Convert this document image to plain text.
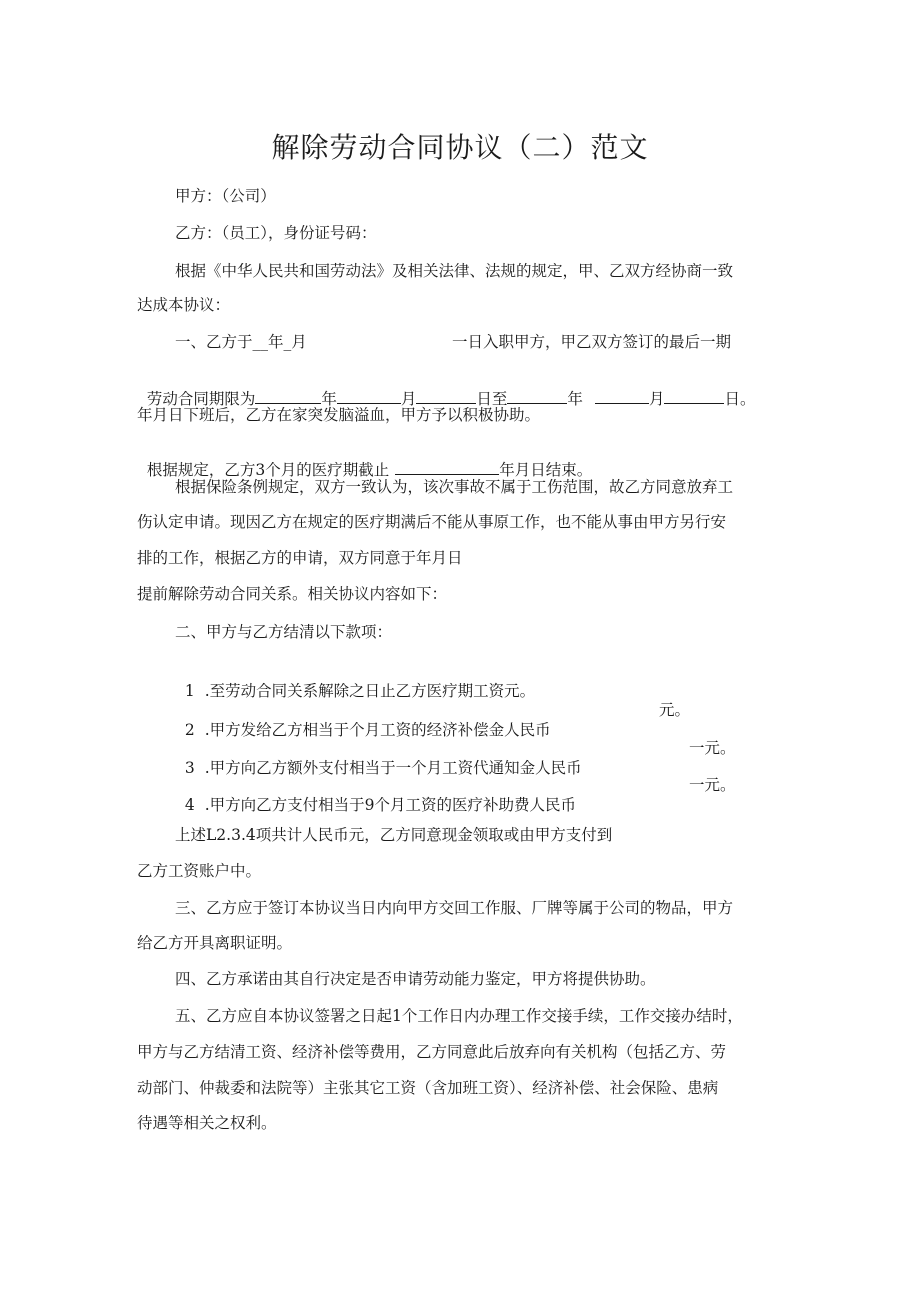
解除劳动合同协议（二）范文
甲方：（公司）
乙方：（员工），身份证号码：
根据《中华人民共和国劳动法》及相关法律、法规的规定，甲、乙双方经协商一致
达成本协议：
一、乙方于__年_月	一日入职甲方，甲乙双方签订的最后一期

劳动合同期限为	年	月	日至	年	月	日。

年月日下班后，乙方在家突发脑溢血，甲方予以积极协助。

根据规定，乙方3个月的医疗期截止	年月日结束。

根据保险条例规定，双方一致认为，该次事故不属于工伤范围，故乙方同意放弃工
伤认定申请。现因乙方在规定的医疗期满后不能从事原工作，也不能从事由甲方另行安
排的工作，根据乙方的申请，双方同意于年月日
提前解除劳动合同关系。相关协议内容如下：
二、甲方与乙方结清以下款项：

1 .至劳动合同关系解除之日止乙方医疗期工资元。

2 .甲方发给乙方相当于个月工资的经济补偿金人民币

元。

3 .甲方向乙方额外支付相当于一个月工资代通知金人民币

一元。

4 .甲方向乙方支付相当于9个月工资的医疗补助费人民币

一元。
上述L2.3.4项共计人民币元，乙方同意现金领取或由甲方支付到
乙方工资账户中。
三、乙方应于签订本协议当日内向甲方交回工作服、厂牌等属于公司的物品，甲方
给乙方开具离职证明。
四、乙方承诺由其自行决定是否申请劳动能力鉴定，甲方将提供协助。
五、乙方应自本协议签署之日起1个工作日内办理工作交接手续，工作交接办结时，
甲方与乙方结清工资、经济补偿等费用，乙方同意此后放弃向有关机构（包括乙方、劳
动部门、仲裁委和法院等）主张其它工资（含加班工资）、经济补偿、社会保险、患病
待遇等相关之权利。
